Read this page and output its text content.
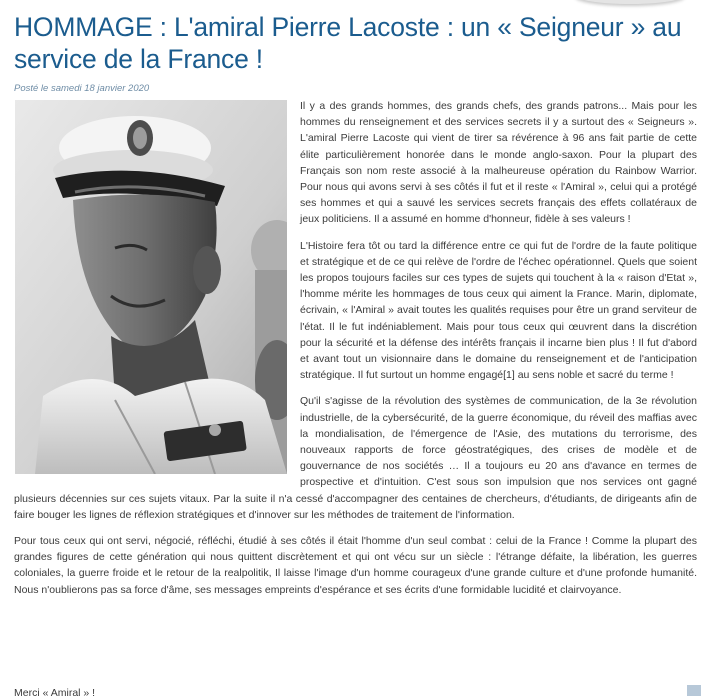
HOMMAGE : L'amiral Pierre Lacoste : un « Seigneur » au service de la France !
Posté le samedi 18 janvier 2020

Il y a des grands hommes, des grands chefs, des grands patrons... Mais pour les hommes du renseignement et des services secrets il y a surtout des « Seigneurs ». L'amiral Pierre Lacoste qui vient de tirer sa révérence à 96 ans fait partie de cette élite particulièrement honorée dans le monde anglo-saxon. Pour la plupart des Français son nom reste associé à la malheureuse opération du Rainbow Warrior. Pour nous qui avons servi à ses côtés il fut et il reste « l'Amiral », celui qui a protégé ses hommes et qui a sauvé les services secrets français des effets collatéraux de jeux politiciens. Il a assumé en homme d'honneur, fidèle à ses valeurs !

L'Histoire fera tôt ou tard la différence entre ce qui fut de l'ordre de la faute politique et stratégique et de ce qui relève de l'ordre de l'échec opérationnel. Quels que soient les propos toujours faciles sur ces types de sujets qui touchent à la « raison d'Etat », l'homme mérite les hommages de tous ceux qui aiment la France. Marin, diplomate, écrivain, « l'Amiral » avait toutes les qualités requises pour être un grand serviteur de l'état. Il le fut indéniablement. Mais pour tous ceux qui œuvrent dans la discrétion pour la sécurité et la défense des intérêts français il incarne bien plus ! Il fut d'abord et avant tout un visionnaire dans le domaine du renseignement et de l'anticipation stratégique. Il fut surtout un homme engagé[1] au sens noble et sacré du terme !

Qu'il s'agisse de la révolution des systèmes de communication, de la 3e révolution industrielle, de la cybersécurité, de la guerre économique, du réveil des maffias avec la mondialisation, de l'émergence de l'Asie, des mutations du terrorisme, des nouveaux rapports de force géostratégiques, des crises de modèle et de gouvernance de nos sociétés … Il a toujours eu 20 ans d'avance en termes de prospective et d'intuition. C'est sous son impulsion que nos services ont gagné plusieurs décennies sur ces sujets vitaux. Par la suite il n'a cessé d'accompagner des centaines de chercheurs, d'étudiants, de dirigeants afin de faire bouger les lignes de réflexion stratégiques et d'innover sur les méthodes de traitement de l'information.

Pour tous ceux qui ont servi, négocié, réfléchi, étudié à ses côtés il était l'homme d'un seul combat : celui de la France ! Comme la plupart des grandes figures de cette génération qui nous quittent discrètement et qui ont vécu sur un siècle : l'étrange défaite, la libération, les guerres coloniales, la guerre froide et le retour de la realpolitik, Il laisse l'image d'un homme courageux d'une grande culture et d'une profonde humanité. Nous n'oublierons pas sa force d'âme, ses messages empreints d'espérance et ses écrits d'une formidable lucidité et clairvoyance.

Merci « Amiral » !
